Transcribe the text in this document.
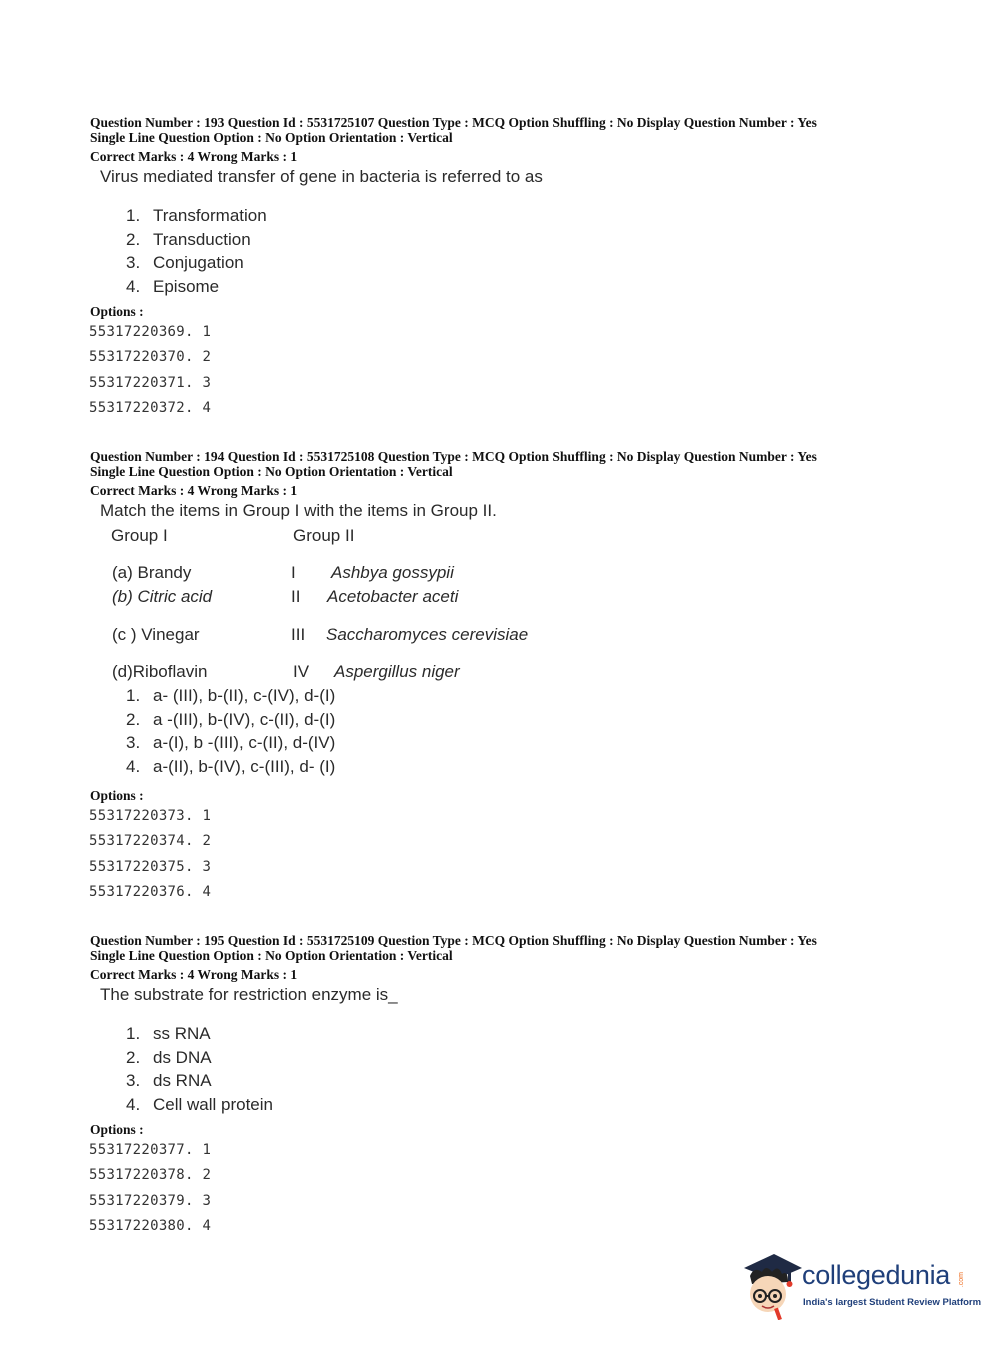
Question Number : 193 Question Id : 5531725107 Question Type : MCQ Option Shuffling : No Display Question Number : Yes
Single Line Question Option : No Option Orientation : Vertical
Correct Marks : 4 Wrong Marks : 1
Virus mediated transfer of gene in bacteria is referred to as
1. Transformation
2. Transduction
3. Conjugation
4. Episome
Options :
55317220369. 1
55317220370. 2
55317220371. 3
55317220372. 4
Question Number : 194 Question Id : 5531725108 Question Type : MCQ Option Shuffling : No Display Question Number : Yes
Single Line Question Option : No Option Orientation : Vertical
Correct Marks : 4 Wrong Marks : 1
Match the items in Group I with the items in Group II.
Group I	Group II
(a) Brandy	I Ashbya gossypii
(b) Citric acid	II Acetobacter aceti
(c ) Vinegar	III Saccharomyces cerevisiae
(d)Riboflavin	IV Aspergillus niger
1. a- (III), b-(II), c-(IV), d-(I)
2. a -(III), b-(IV), c-(II), d-(I)
3. a-(I), b -(III), c-(II), d-(IV)
4. a-(II), b-(IV), c-(III), d- (I)
Options :
55317220373. 1
55317220374. 2
55317220375. 3
55317220376. 4
Question Number : 195 Question Id : 5531725109 Question Type : MCQ Option Shuffling : No Display Question Number : Yes
Single Line Question Option : No Option Orientation : Vertical
Correct Marks : 4 Wrong Marks : 1
The substrate for restriction enzyme is_
1. ss RNA
2. ds DNA
3. ds RNA
4. Cell wall protein
Options :
55317220377. 1
55317220378. 2
55317220379. 3
55317220380. 4
collegedunia .com
India's largest Student Review Platform
